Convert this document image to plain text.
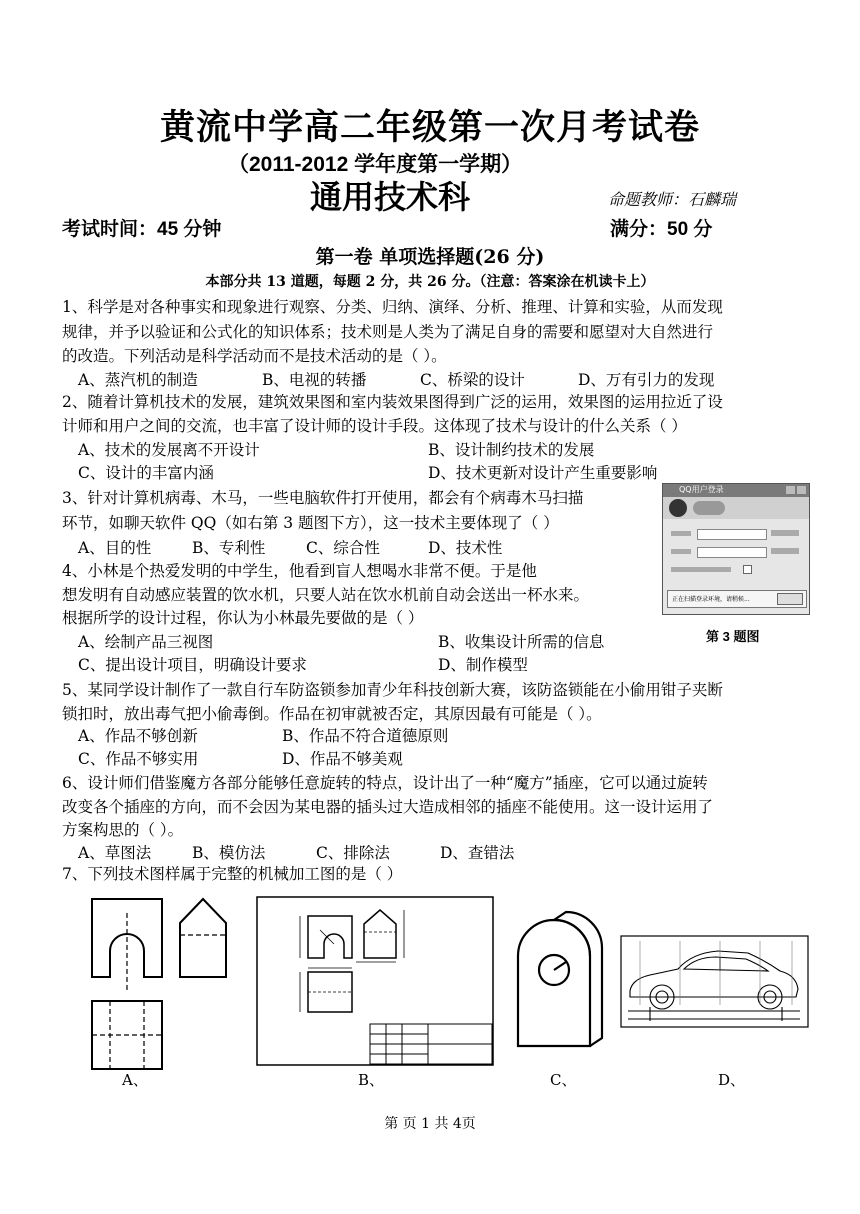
黄流中学高二年级第一次月考试卷
（2011-2012 学年度第一学期）
通用技术科	命题教师：石麟瑞
考试时间：45 分钟	满分：50 分
第一卷 单项选择题(26 分)
本部分共 13 道题，每题 2 分，共 26 分。（注意：答案涂在机读卡上）
1、科学是对各种事实和现象进行观察、分类、归纳、演绎、分析、推理、计算和实验，从而发现
规律，并予以验证和公式化的知识体系；技术则是人类为了满足自身的需要和愿望对大自然进行
的改造。下列活动是科学活动而不是技术活动的是（ ）。
A、蒸汽机的制造	B、电视的转播	C、桥梁的设计	D、万有引力的发现
2、随着计算机技术的发展，建筑效果图和室内装效果图得到广泛的运用，效果图的运用拉近了设
计师和用户之间的交流，也丰富了设计师的设计手段。这体现了技术与设计的什么关系（ ）
A、技术的发展离不开设计	B、设计制约技术的发展
C、设计的丰富内涵	D、技术更新对设计产生重要影响
3、针对计算机病毒、木马，一些电脑软件打开使用，都会有个病毒木马扫描
环节，如聊天软件 QQ（如右第 3 题图下方），这一技术主要体现了（ ）
A、目的性	B、专利性	C、综合性	D、技术性
QQ用户登录
正在扫描登录环境，请稍候...
第 3 题图
4、小林是个热爱发明的中学生，他看到盲人想喝水非常不便。于是他
想发明有自动感应装置的饮水机，只要人站在饮水机前自动会送出一杯水来。
根据所学的设计过程，你认为小林最先要做的是（ ）
A、绘制产品三视图	B、收集设计所需的信息
C、提出设计项目，明确设计要求	D、制作模型
5、某同学设计制作了一款自行车防盗锁参加青少年科技创新大赛，该防盗锁能在小偷用钳子夹断
锁扣时，放出毒气把小偷毒倒。作品在初审就被否定，其原因最有可能是（ ）。
A、作品不够创新	B、作品不符合道德原则
C、作品不够实用	D、作品不够美观
6、设计师们借鉴魔方各部分能够任意旋转的特点，设计出了一种“魔方”插座，它可以通过旋转
改变各个插座的方向，而不会因为某电器的插头过大造成相邻的插座不能使用。这一设计运用了
方案构思的（ ）。
A、草图法	B、模仿法	C、排除法	D、查错法
7、下列技术图样属于完整的机械加工图的是（ ）
A、	B、	C、	D、
第 页 1 共 4页
